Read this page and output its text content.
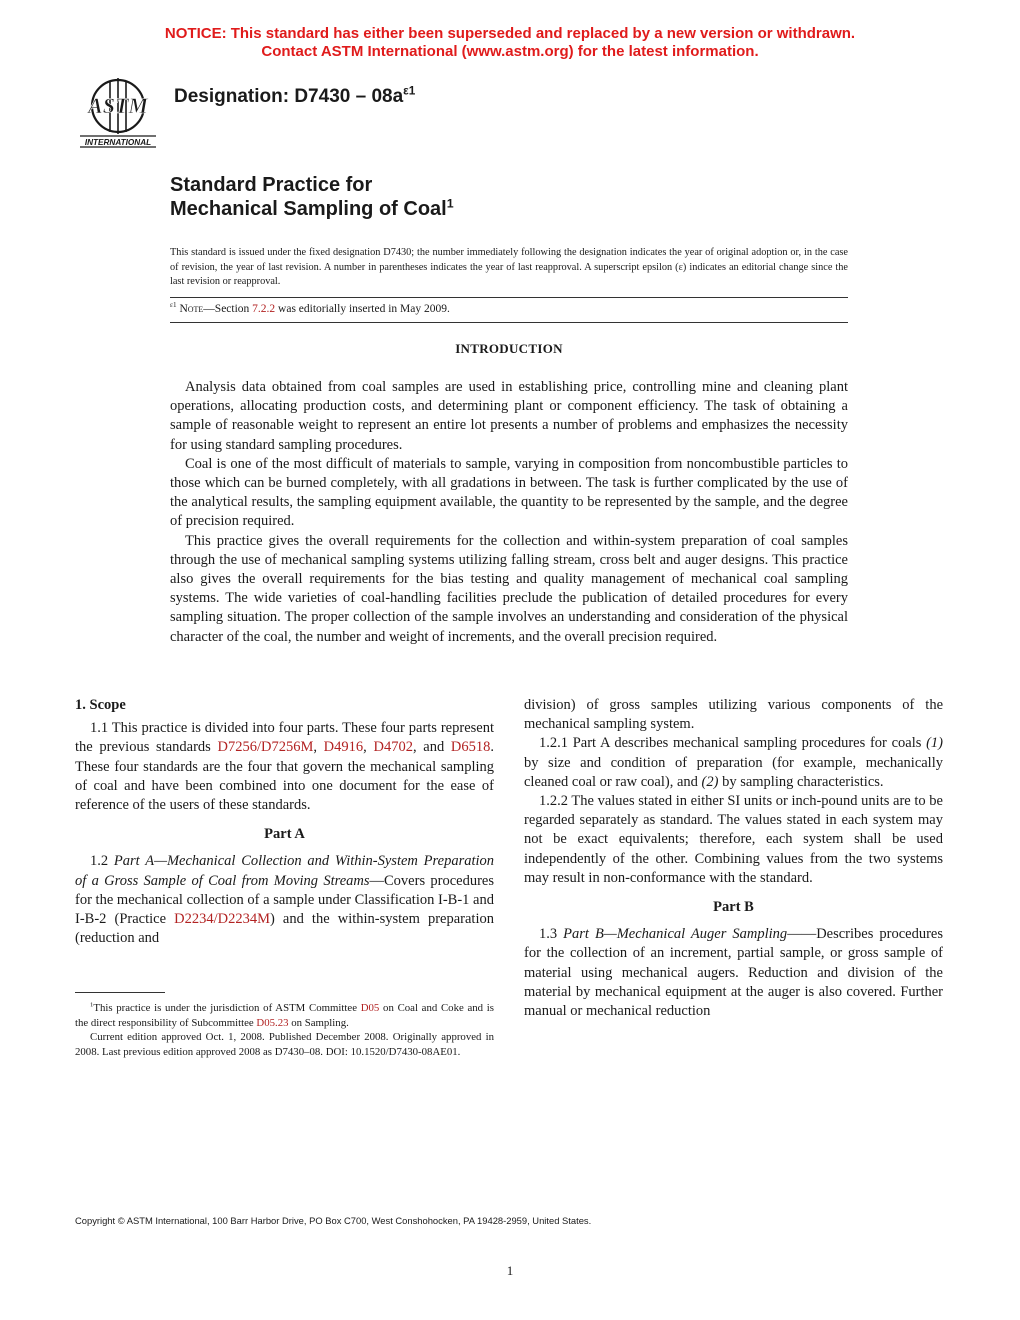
NOTICE: This standard has either been superseded and replaced by a new version or withdrawn.
Contact ASTM International (www.astm.org) for the latest information.
ASTM
INTERNATIONAL
Designation: $D7430 - 08a^{\varepsilon 1}$
Standard Practice for
Mechanical Sampling of Coal$^1$
This standard is issued under the fixed designation D7430; the number immediately following the designation indicates the year of original adoption or, in the case of revision, the year of last revision. A number in parentheses indicates the year of last reapproval. A superscript epsilon (ε) indicates an editorial change since the last revision or reapproval.
$^{\varepsilon 1}$ Note—Section 7.2.2 was editorially inserted in May 2009.
INTRODUCTION

Analysis data obtained from coal samples are used in establishing price, controlling mine and cleaning plant operations, allocating production costs, and determining plant or component efficiency. The task of obtaining a sample of reasonable weight to represent an entire lot presents a number of problems and emphasizes the necessity for using standard sampling procedures.

Coal is one of the most difficult of materials to sample, varying in composition from noncombustible particles to those which can be burned completely, with all gradations in between. The task is further complicated by the use of the analytical results, the sampling equipment available, the quantity to be represented by the sample, and the degree of precision required.

This practice gives the overall requirements for the collection and within-system preparation of coal samples through the use of mechanical sampling systems utilizing falling stream, cross belt and auger designs. This practice also gives the overall requirements for the bias testing and quality management of mechanical coal sampling systems. The wide varieties of coal-handling facilities preclude the publication of detailed procedures for every sampling situation. The proper collection of the sample involves an understanding and consideration of the physical character of the coal, the number and weight of increments, and the overall precision required.

1. Scope

1.1 This practice is divided into four parts. These four parts represent the previous standards D7256/D7256M, D4916, D4702, and D6518. These four standards are the four that govern the mechanical sampling of coal and have been combined into one document for the ease of reference of the users of these standards.

Part A

1.2 Part A—Mechanical Collection and Within-System Preparation of a Gross Sample of Coal from Moving Streams—Covers procedures for the mechanical collection of a sample under Classification I-B-1 and I-B-2 (Practice D2234/D2234M) and the within-system preparation (reduction and

$^1$This practice is under the jurisdiction of ASTM Committee D05 on Coal and Coke and is the direct responsibility of Subcommittee D05.23 on Sampling.

Current edition approved Oct. 1, 2008. Published December 2008. Originally approved in 2008. Last previous edition approved 2008 as D7430–08. DOI: 10.1520/D7430-08AE01.

division) of gross samples utilizing various components of the mechanical sampling system.

1.2.1 Part A describes mechanical sampling procedures for coals (1) by size and condition of preparation (for example, mechanically cleaned coal or raw coal), and (2) by sampling characteristics.

1.2.2 The values stated in either SI units or inch-pound units are to be regarded separately as standard. The values stated in each system may not be exact equivalents; therefore, each system shall be used independently of the other. Combining values from the two systems may result in non-conformance with the standard.

Part B

1.3 Part B—Mechanical Auger Sampling——Describes procedures for the collection of an increment, partial sample, or gross sample of material using mechanical augers. Reduction and division of the material by mechanical equipment at the auger is also covered. Further manual or mechanical reduction

Copyright © ASTM International, 100 Barr Harbor Drive, PO Box C700, West Conshohocken, PA 19428-2959, United States.
1
